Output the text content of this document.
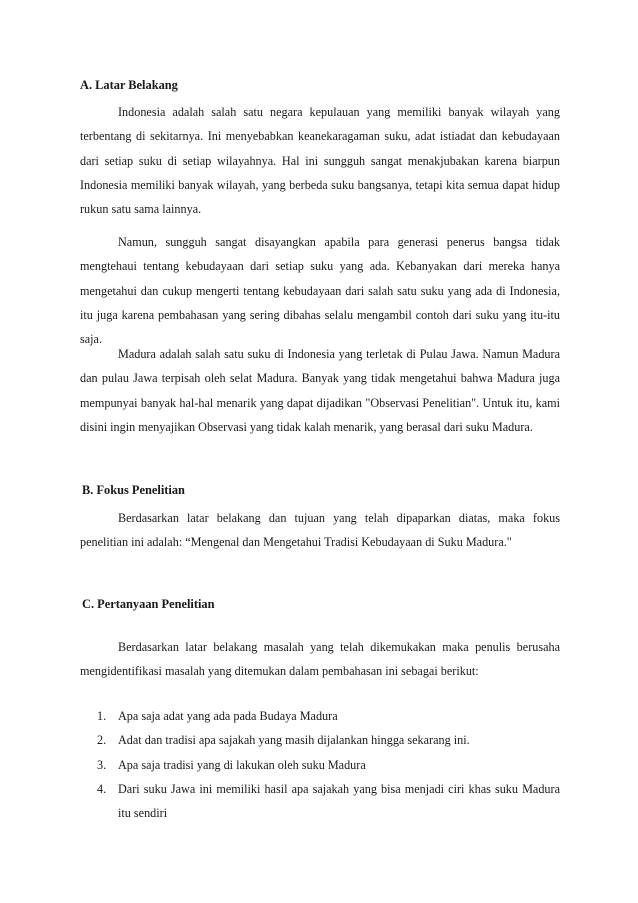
A. Latar Belakang

Indonesia adalah salah satu negara kepulauan yang memiliki banyak wilayah yang terbentang di sekitarnya. Ini menyebabkan keanekaragaman suku, adat istiadat dan kebudayaan dari setiap suku di setiap wilayahnya. Hal ini sungguh sangat menakjubakan karena biarpun Indonesia memiliki banyak wilayah, yang berbeda suku bangsanya, tetapi kita semua dapat hidup rukun satu sama lainnya.

Namun, sungguh sangat disayangkan apabila para generasi penerus bangsa tidak mengtehaui tentang kebudayaan dari setiap suku yang ada. Kebanyakan dari mereka hanya mengetahui dan cukup mengerti tentang kebudayaan dari salah satu suku yang ada di Indonesia, itu juga karena pembahasan yang sering dibahas selalu mengambil contoh dari suku yang itu-itu saja.

Madura adalah salah satu suku di Indonesia yang terletak di Pulau Jawa. Namun Madura dan pulau Jawa terpisah oleh selat Madura. Banyak yang tidak mengetahui bahwa Madura juga mempunyai banyak hal-hal menarik yang dapat dijadikan "Observasi Penelitian". Untuk itu, kami disini ingin menyajikan Observasi yang tidak kalah menarik, yang berasal dari suku Madura.

B. Fokus Penelitian

Berdasarkan latar belakang dan tujuan yang telah dipaparkan diatas, maka fokus penelitian ini adalah: “Mengenal dan Mengetahui Tradisi Kebudayaan di Suku Madura."

C. Pertanyaan Penelitian

Berdasarkan latar belakang masalah yang telah dikemukakan maka penulis berusaha mengidentifikasi masalah yang ditemukan dalam pembahasan ini sebagai berikut:

1. Apa saja adat yang ada pada Budaya Madura
2. Adat dan tradisi apa sajakah yang masih dijalankan hingga sekarang ini.
3. Apa saja tradisi yang di lakukan oleh suku Madura
4. Dari suku Jawa ini memiliki hasil apa sajakah yang bisa menjadi ciri khas suku Madura itu sendiri
